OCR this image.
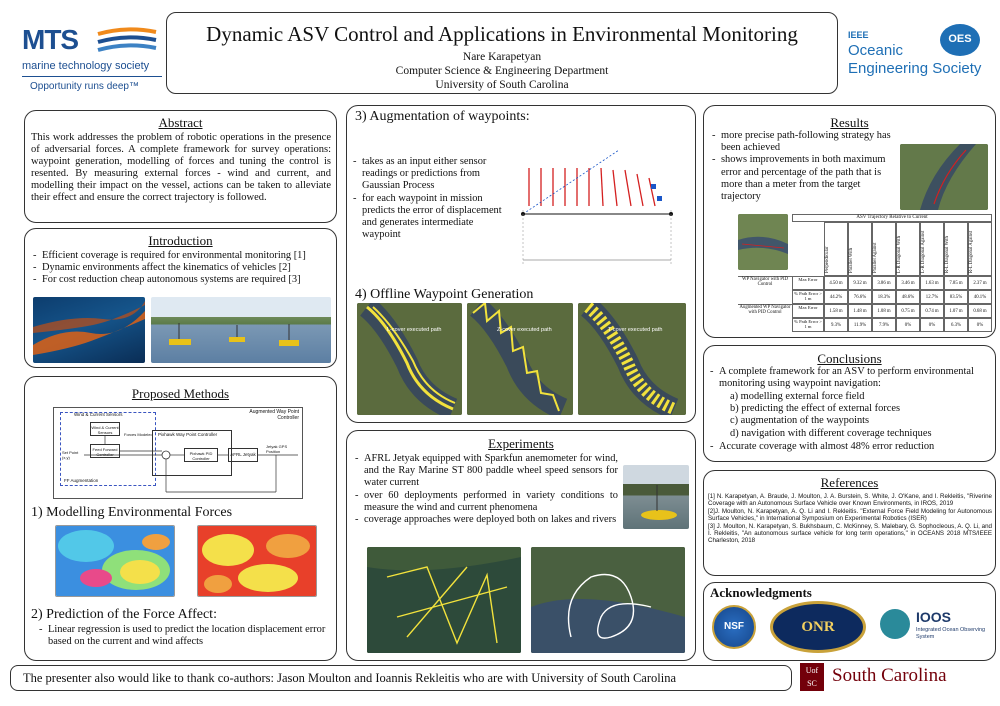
MTS
marine technology society
Opportunity runs deep™
Dynamic ASV Control and Applications in Environmental Monitoring
Nare Karapetyan
Computer Science & Engineering Department
University of South Carolina
IEEE
Oceanic
Engineering Society
OES
Abstract
This work addresses the problem of robotic operations in the presence of adversarial forces. A complete framework for survey operations: waypoint generation, modelling of forces and tuning the control is resented. By measuring external forces - wind and current, and modelling their impact on the vessel, actions can be taken to alleviate their effect and ensure the correct trajectory is followed.
Introduction
- Efficient coverage is required for environmental monitoring [1]
- Dynamic environments affect the kinematics of vehicles [2]
- For cost reduction cheap autonomous systems are required [3]
Proposed Methods
Augmented Way Point Controller
Wind & Current Sensors
Wind & Current Sensors
Feed Forward Controller
Forces Modeled Pixhawk Way Point Controller
Pixhawk PID Controller
AFRL Jetyak
Set Point (x,y)
Jetyak GPS Position
FF Augmentation
1) Modelling Environmental Forces
2) Prediction of the Force Affect:
- Linear regression is used to predict the location displacement error based on the current and wind affects
3) Augmentation of waypoints:
- takes as an input either sensor readings or predictions from Gaussian Process
- for each waypoint in mission predicts the error of displacement and generates intermediate waypoint
4) Offline Waypoint Generation
L-cover executed path	Z-cover executed path	T-cover executed path
Experiments
- AFRL Jetyak equipped with Sparkfun anemometer for wind, and the Ray Marine ST 800 paddle wheel speed sensors for water current
- over 60 deployments performed in variety conditions to measure the wind and current phenomena
- coverage approaches were deployed both on lakes and rivers
Results
- more precise path-following strategy has been achieved
- shows improvements in both maximum error and percentage of the path that is more than a meter from the target trajectory
ASV Trajectory Relative to Current
Perpendicular	Parallel With	Parallel Against	L-R Diagonal With	L-R Diagonal Against	R-L Diagonal With	R-L Diagonal Against
WP Navigator with PID Control
Max Error
4.50 m	9.32 m	3.86 m	3.46 m	1.63 m	7.85 m	2.37 m
% Path Error > 1 m	44.2%	76.6%	18.3%	48.6%	12.7%	83.5%	40.1%
Augmented WP Navigator with PID Control
Max Error
1.58 m	1.48 m	1.08 m	0.75 m	0.74 m	1.07 m	0.68 m
% Path Error > 1 m	9.3%	11.9%	7.9%	0%	0%	6.3%	0%
Conclusions
- A complete framework for an ASV to perform environmental monitoring using waypoint navigation:
a) modelling external force field
b) predicting the effect of external forces
c) augmentation of the waypoints
d) navigation with different coverage techniques
- Accurate coverage with almost 48% error reduction
References
[1] N. Karapetyan, A. Braude, J. Moulton, J. A. Burstein, S. White, J. O'Kane, and I. Rekleitis, "Riverine Coverage with an Autonomous Surface Vehicle over Known Environments, in IROS, 2019
[2]J. Moulton, N. Karapetyan, A. Q. Li and I. Rekleitis. "External Force Field Modeling for Autonomous Surface Vehicles," in International Symposium on Experimental Robotics (ISER)
[3] J. Moulton, N. Karapetyan, S. Bukhsbaum, C. McKinney, S. Malebary, G. Sophocleous, A. Q. Li, and I. Rekleitis, "An autonomous surface vehicle for long term operations," in OCEANS 2018 MTS/IEEE Charleston, 2018
Acknowledgments
NSF	ONR
IOOS
Integrated Ocean Observing System
The presenter also would like to thank co-authors: Jason Moulton and Ioannis Rekleitis who are with University of South Carolina
Uof SC South Carolina
